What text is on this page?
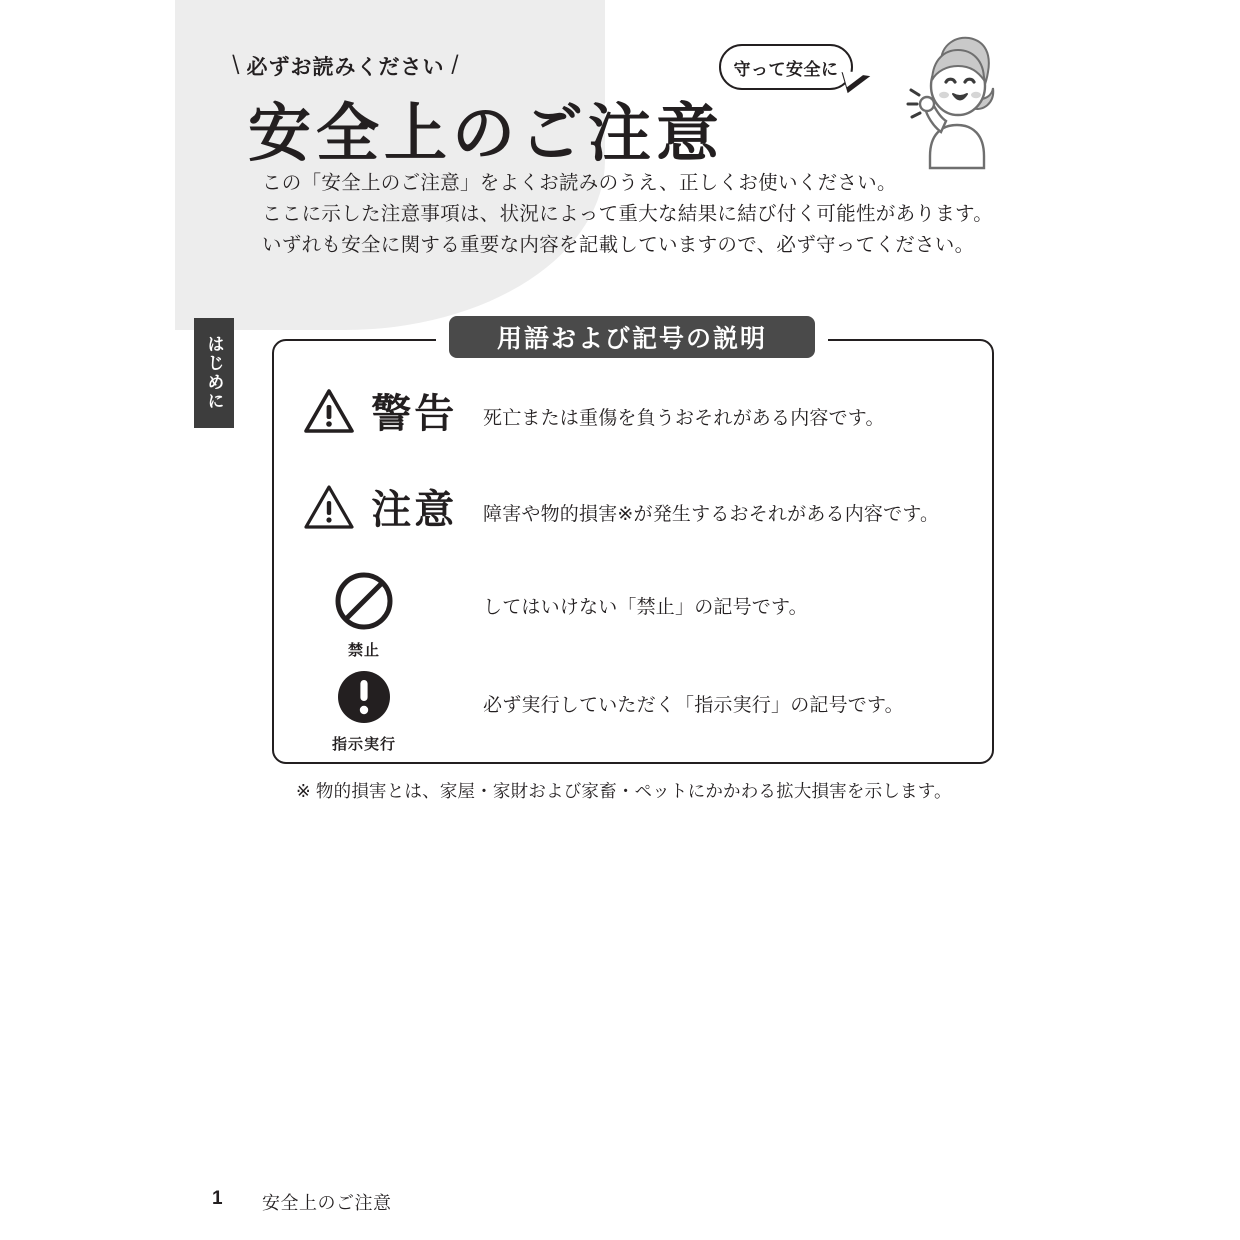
\ 必ずお読みください /
安全上のご注意
この「安全上のご注意」をよくお読みのうえ、正しくお使いください。
ここに示した注意事項は、状況によって重大な結果に結び付く可能性があります。
いずれも安全に関する重要な内容を記載していますので、必ず守ってください。
守って安全に
はじめに	用語および記号の説明
警告 死亡または重傷を負うおそれがある内容です。
注意 障害や物的損害※が発生するおそれがある内容です。
禁止
してはいけない「禁止」の記号です。
指示実行
必ず実行していただく「指示実行」の記号です。
※ 物的損害とは、家屋・家財および家畜・ペットにかかわる拡大損害を示します。
1 安全上のご注意
